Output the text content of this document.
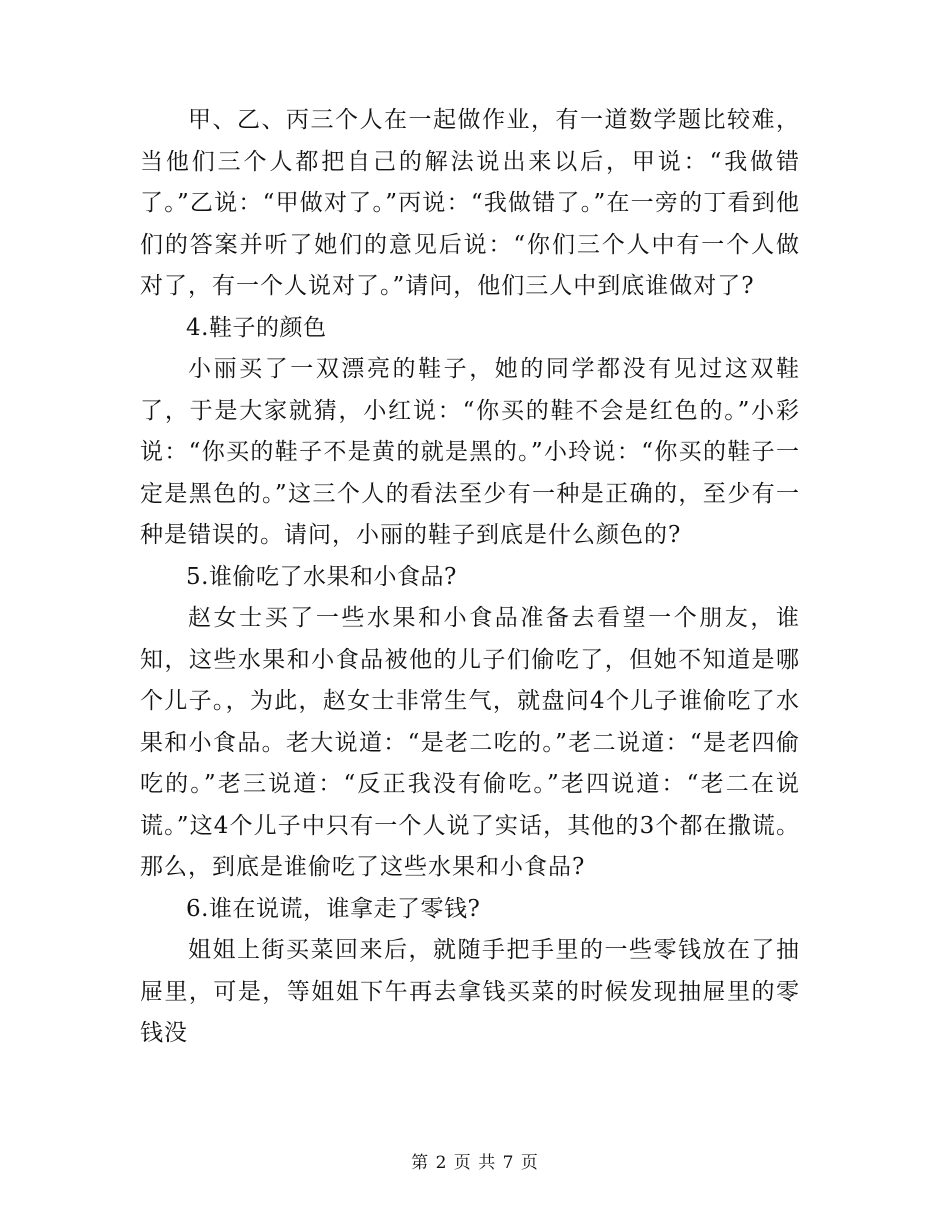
甲、乙、丙三个人在一起做作业，有一道数学题比较难，当他们三个人都把自己的解法说出来以后，甲说：“我做错了。”乙说：“甲做对了。”丙说：“我做错了。”在一旁的丁看到他们的答案并听了她们的意见后说：“你们三个人中有一个人做对了，有一个人说对了。”请问，他们三人中到底谁做对了?

4.鞋子的颜色

小丽买了一双漂亮的鞋子，她的同学都没有见过这双鞋了，于是大家就猜，小红说：“你买的鞋不会是红色的。”小彩说：“你买的鞋子不是黄的就是黑的。”小玲说：“你买的鞋子一定是黑色的。”这三个人的看法至少有一种是正确的，至少有一种是错误的。请问，小丽的鞋子到底是什么颜色的?

5.谁偷吃了水果和小食品?

赵女士买了一些水果和小食品准备去看望一个朋友，谁知，这些水果和小食品被他的儿子们偷吃了，但她不知道是哪个儿子。，为此，赵女士非常生气，就盘问4个儿子谁偷吃了水果和小食品。老大说道：“是老二吃的。”老二说道：“是老四偷吃的。”老三说道：“反正我没有偷吃。”老四说道：“老二在说谎。”这4个儿子中只有一个人说了实话，其他的3个都在撒谎。那么，到底是谁偷吃了这些水果和小食品?

6.谁在说谎，谁拿走了零钱?

姐姐上街买菜回来后，就随手把手里的一些零钱放在了抽屉里，可是，等姐姐下午再去拿钱买菜的时候发现抽屉里的零钱没

第 2 页 共 7 页
